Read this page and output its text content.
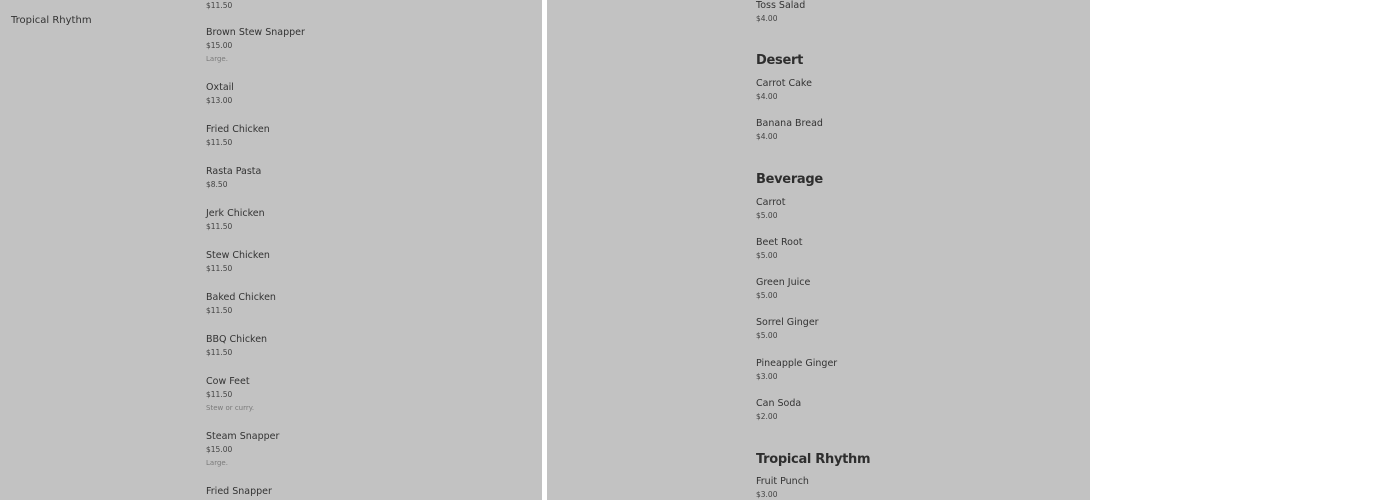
Tropical Rhythm
$11.50
Brown Stew Snapper
$15.00
Large.
Oxtail
$13.00
Fried Chicken
$11.50
Rasta Pasta
$8.50
Jerk Chicken
$11.50
Stew Chicken
$11.50
Baked Chicken
$11.50
BBQ Chicken
$11.50
Cow Feet
$11.50
Stew or curry.
Steam Snapper
$15.00
Large.
Fried Snapper
Toss Salad
$4.00
Desert
Carrot Cake
$4.00
Banana Bread
$4.00
Beverage
Carrot
$5.00
Beet Root
$5.00
Green Juice
$5.00
Sorrel Ginger
$5.00
Pineapple Ginger
$3.00
Can Soda
$2.00
Tropical Rhythm
Fruit Punch
$3.00
